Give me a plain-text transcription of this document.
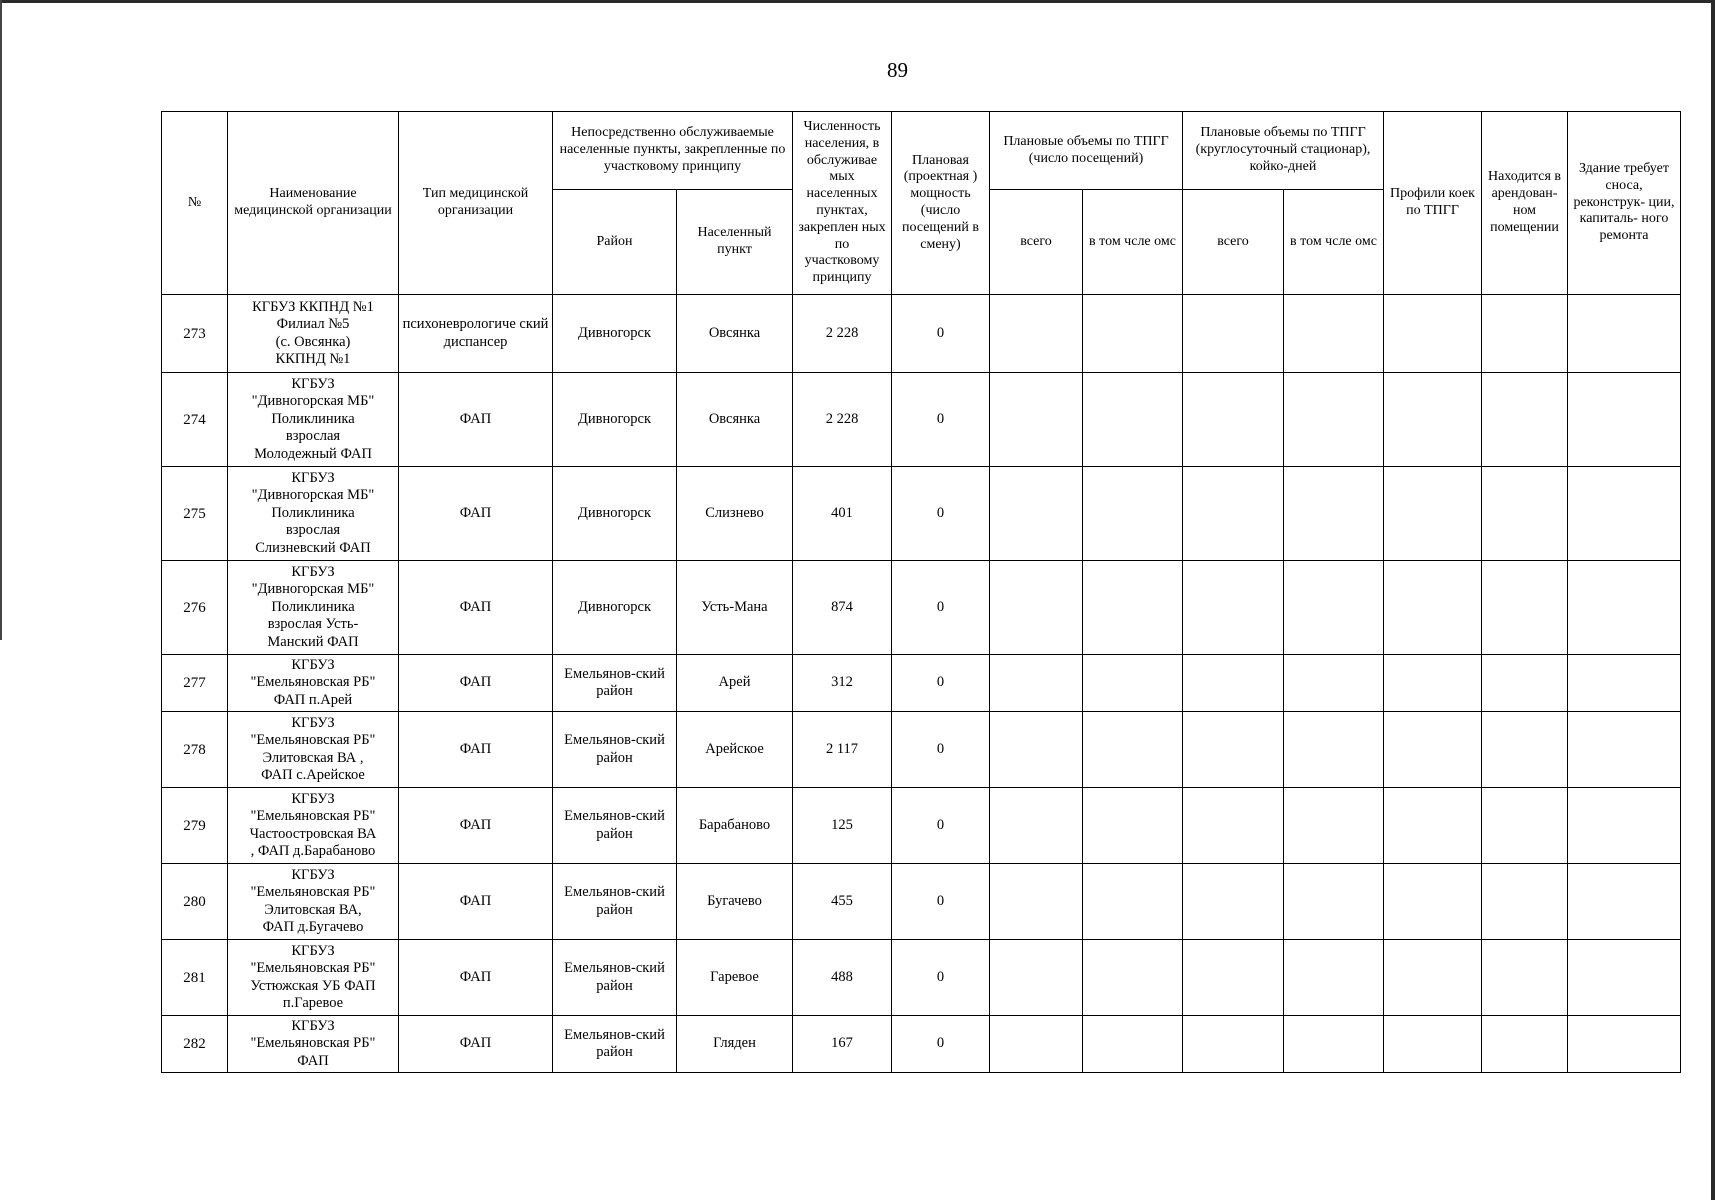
89
№	Наименование медицинской организации	Тип медицинской организации	Непосредственно обслуживаемые населенные пункты, закрепленные по участковому принципу		Численность населения, в обслуживае мых населенных пунктах, закреплен ных по участковому принципу	Плановая (проектная ) мощность (число посещений в смену)	Плановые объемы по ТПГГ (число посещений)		Плановые объемы по ТПГГ (круглосуточный стационар), койко-дней		Профили коек по ТПГГ	Находится в арендован- ном помещении	Здание требует сноса, реконструк- ции, капиталь- ного ремонта
			Район	Населенный пункт			всего	в том чсле омс	всего	в том чсле омс			
273	КГБУЗ ККПНД №1
Филиал №5
(с. Овсянка)
ККПНД №1	психоневрологиче ский диспансер	Дивногорск	Овсянка	2 228	0							
274	КГБУЗ
"Дивногорская МБ"
Поликлиника
взрослая
Молодежный ФАП	ФАП	Дивногорск	Овсянка	2 228	0							
275	КГБУЗ
"Дивногорская МБ"
Поликлиника
взрослая
Слизневский ФАП	ФАП	Дивногорск	Слизнево	401	0							
276	КГБУЗ
"Дивногорская МБ"
Поликлиника
взрослая Усть-
Манский ФАП	ФАП	Дивногорск	Усть-Мана	874	0							
277	КГБУЗ
"Емельяновская РБ"
ФАП п.Арей	ФАП	Емельянов-ский район	Арей	312	0							
278	КГБУЗ
"Емельяновская РБ"
Элитовская ВА ,
ФАП с.Арейское	ФАП	Емельянов-ский район	Арейское	2 117	0							
279	КГБУЗ
"Емельяновская РБ"
Частоостровская ВА
, ФАП д.Барабаново	ФАП	Емельянов-ский район	Барабаново	125	0							
280	КГБУЗ
"Емельяновская РБ"
Элитовская ВА,
ФАП д.Бугачево	ФАП	Емельянов-ский район	Бугачево	455	0							
281	КГБУЗ
"Емельяновская РБ"
Устюжская УБ ФАП
п.Гаревое	ФАП	Емельянов-ский район	Гаревое	488	0							
282	КГБУЗ
"Емельяновская РБ"
ФАП	ФАП	Емельянов-ский район	Гляден	167	0							
